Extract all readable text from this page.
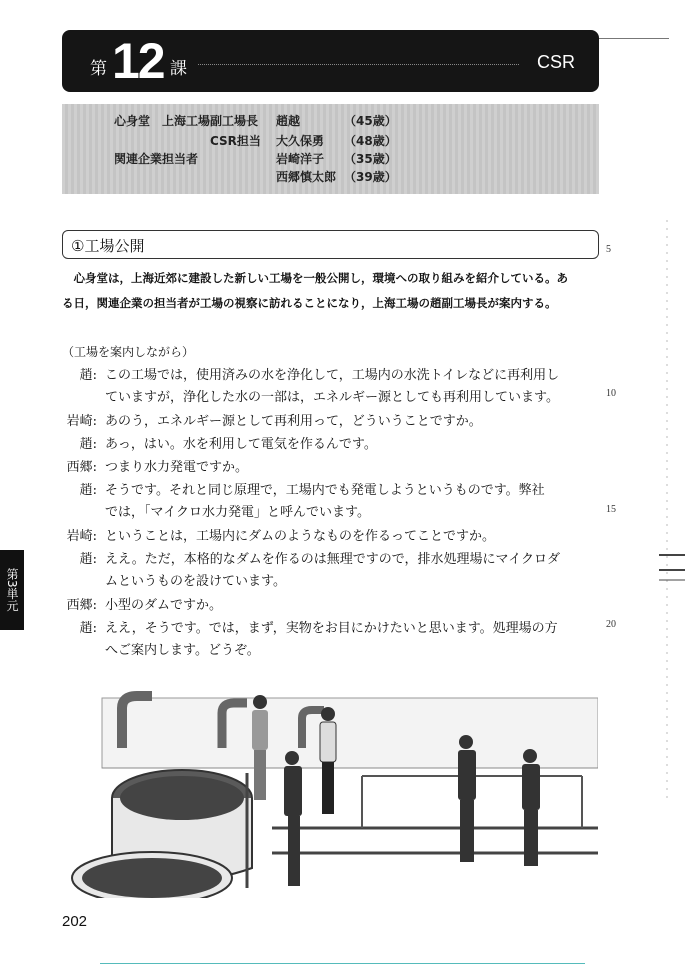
第 12 課	CSR
心身堂 上海工場副工場長 趙越	（45歳）
CSR担当 大久保勇 （48歳）
関連企業担当者	岩崎洋子 （35歳）
西郷慎太郎 （39歳）
①工場公開	5
　心身堂は，上海近郊に建設した新しい工場を一般公開し，環境への取り組みを紹介している。あ
る日，関連企業の担当者が工場の視察に訪れることになり，上海工場の趙副工場長が案内する。
（工場を案内しながら）
趙: この工場では，使用済みの水を浄化して，工場内の水洗トイレなどに再利用し
ていますが，浄化した水の一部は，エネルギー源としても再利用しています。	10
岩崎: あのう，エネルギー源として再利用って，どういうことですか。
趙: あっ，はい。水を利用して電気を作るんです。
西郷: つまり水力発電ですか。
趙: そうです。それと同じ原理で，工場内でも発電しようというものです。弊社
では，「マイクロ水力発電」と呼んでいます。	15
岩崎: ということは，工場内にダムのようなものを作るってことですか。
趙: ええ。ただ，本格的なダムを作るのは無理ですので，排水処理場にマイクロダ
ムというものを設けています。
西郷: 小型のダムですか。
趙: ええ，そうです。では，まず，実物をお目にかけたいと思います。処理場の方	20
へご案内します。どうぞ。
第3単元
202
